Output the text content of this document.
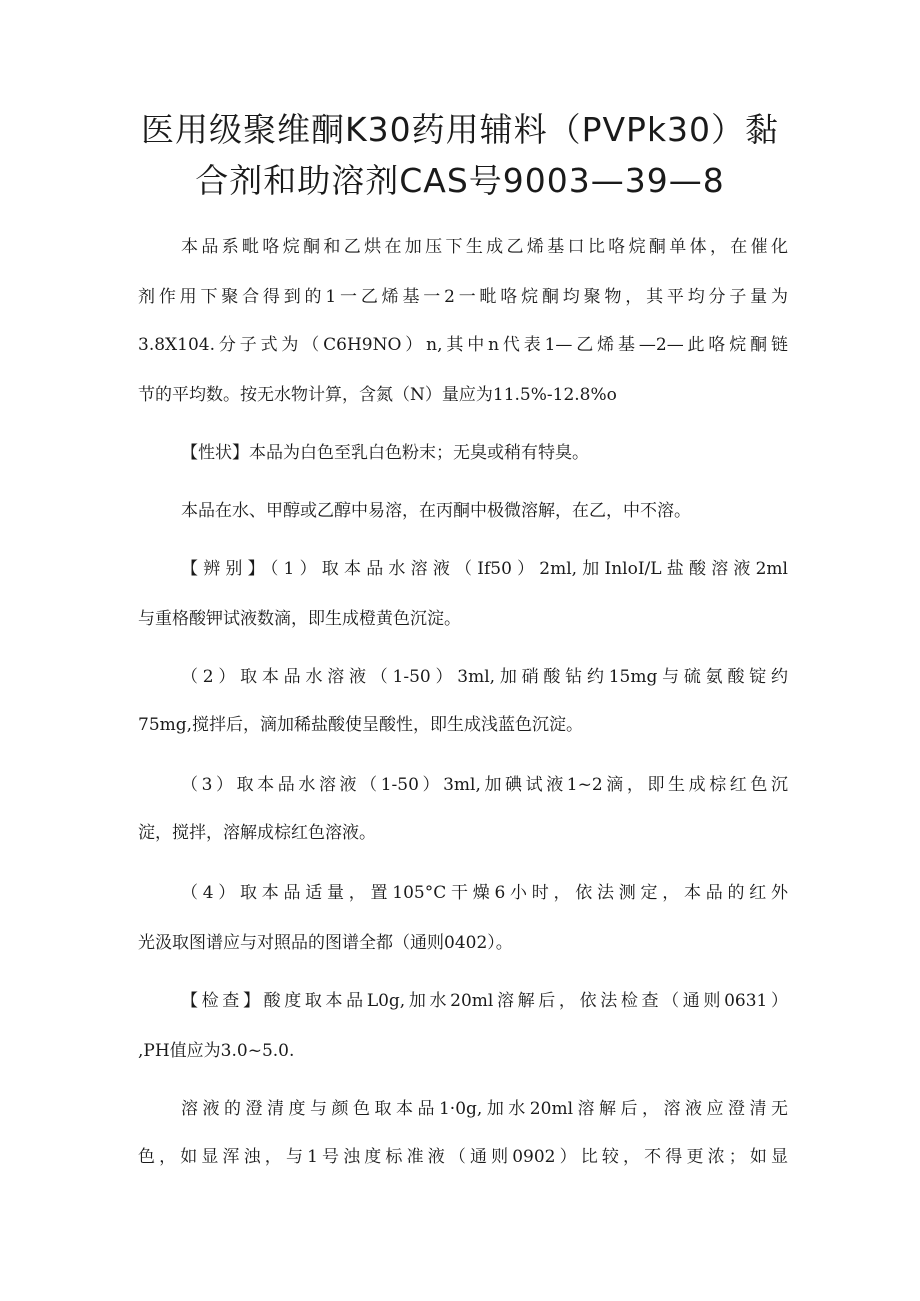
医用级聚维酮K30药用辅料（PVPk30）黏
合剂和助溶剂CAS号9003—39—8

本品系毗咯烷酮和乙烘在加压下生成乙烯基口比咯烷酮单体，在催化

剂作用下聚合得到的1一乙烯基一2一毗咯烷酮均聚物，其平均分子量为

3.8X104.分子式为（C6H9NO）n,其中n代表1—乙烯基—2—此咯烷酮链

节的平均数。按无水物计算，含氮（N）量应为11.5%-12.8%o

【性状】本品为白色至乳白色粉末；无臭或稍有特臭。

本品在水、甲醇或乙醇中易溶，在丙酮中极微溶解，在乙，中不溶。

【辨别】（1）取本品水溶液（If50）2ml,加InloI/L盐酸溶液2ml

与重格酸钾试液数滴，即生成橙黄色沉淀。

（2）取本品水溶液（1-50）3ml,加硝酸钻约15mg与硫氨酸锭约

75mg,搅拌后，滴加稀盐酸使呈酸性，即生成浅蓝色沉淀。

（3）取本品水溶液（1-50）3ml,加碘试液1~2滴，即生成棕红色沉

淀，搅拌，溶解成棕红色溶液。

（4）取本品适量，置105°C干燥6小时，依法测定，本品的红外

光汲取图谱应与对照品的图谱全都（通则0402）。

【检查】酸度取本品L0g,加水20ml溶解后，依法检查（通则0631）

,PH值应为3.0~5.0.

溶液的澄清度与颜色取本品1·0g,加水20ml溶解后，溶液应澄清无

色，如显浑浊，与1号浊度标准液（通则0902）比较，不得更浓；如显
